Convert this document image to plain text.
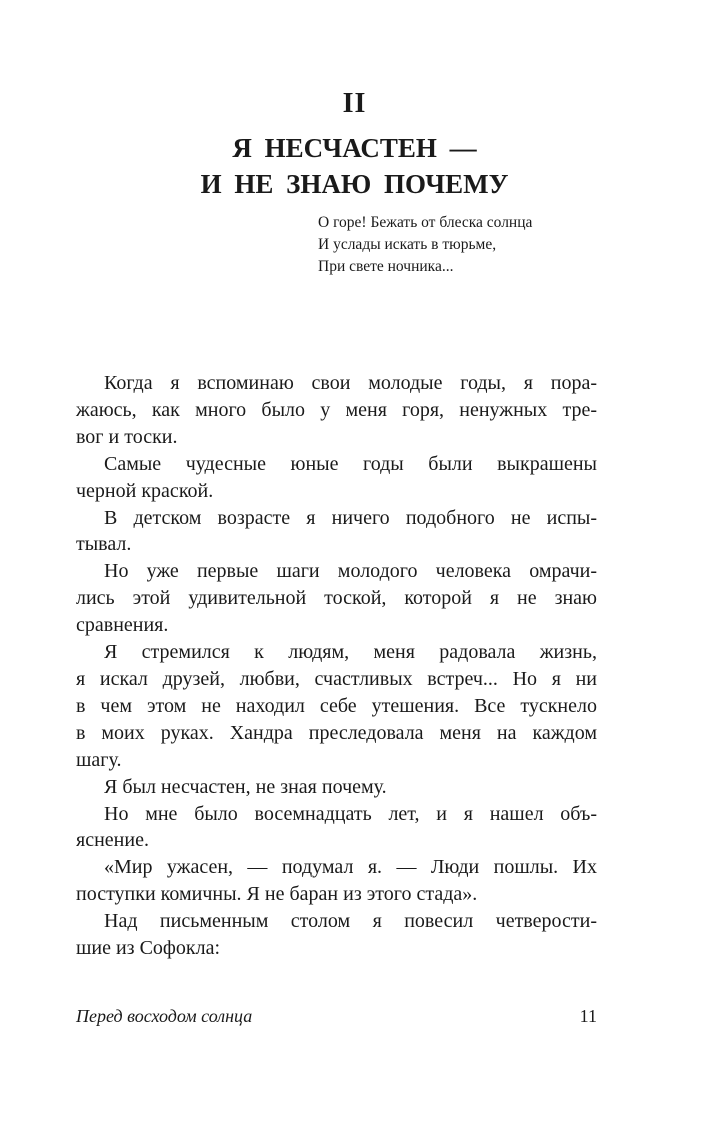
II
Я НЕСЧАСТЕН —
И НЕ ЗНАЮ ПОЧЕМУ
О горе! Бежать от блеска солнца
И услады искать в тюрьме,
При свете ночника...

Когда я вспоминаю свои молодые годы, я пора-
жаюсь, как много было у меня горя, ненужных тре-
вог и тоски.

Самые чудесные юные годы были выкрашены
черной краской.

В детском возрасте я ничего подобного не испы-
тывал.

Но уже первые шаги молодого человека омрачи-
лись этой удивительной тоской, которой я не знаю
сравнения.

Я стремился к людям, меня радовала жизнь,
я искал друзей, любви, счастливых встреч... Но я ни
в чем этом не находил себе утешения. Все тускнело
в моих руках. Хандра преследовала меня на каждом
шагу.

Я был несчастен, не зная почему.

Но мне было восемнадцать лет, и я нашел объ-
яснение.

«Мир ужасен, — подумал я. — Люди пошлы. Их
поступки комичны. Я не баран из этого стада».

Над письменным столом я повесил четверости-
шие из Софокла:

Перед восходом солнца	11
